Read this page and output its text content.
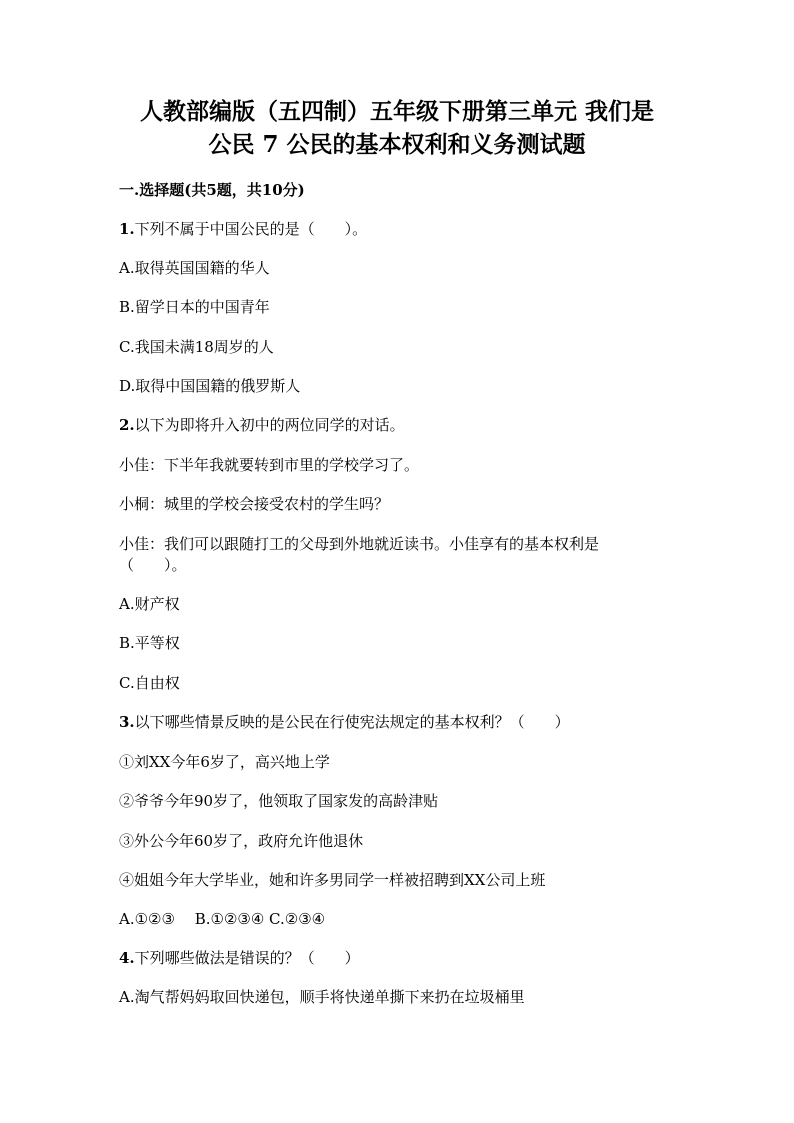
人教部编版（五四制）五年级下册第三单元 我们是
公民 7 公民的基本权利和义务测试题
一.选择题(共5题，共10分)
1.下列不属于中国公民的是（　　）。
A.取得英国国籍的华人
B.留学日本的中国青年
C.我国未满18周岁的人
D.取得中国国籍的俄罗斯人
2.以下为即将升入初中的两位同学的对话。
小佳：下半年我就要转到市里的学校学习了。
小桐：城里的学校会接受农村的学生吗？
小佳：我们可以跟随打工的父母到外地就近读书。小佳享有的基本权利是
（　　）。
A.财产权
B.平等权
C.自由权
3.以下哪些情景反映的是公民在行使宪法规定的基本权利？（　　）
①刘XX今年6岁了，高兴地上学
②爷爷今年90岁了，他领取了国家发的高龄津贴
③外公今年60岁了，政府允许他退休
④姐姐今年大学毕业，她和许多男同学一样被招聘到XX公司上班
A.①②③　 B.①②③④ C.②③④
4.下列哪些做法是错误的？（　　）
A.淘气帮妈妈取回快递包，顺手将快递单撕下来扔在垃圾桶里
